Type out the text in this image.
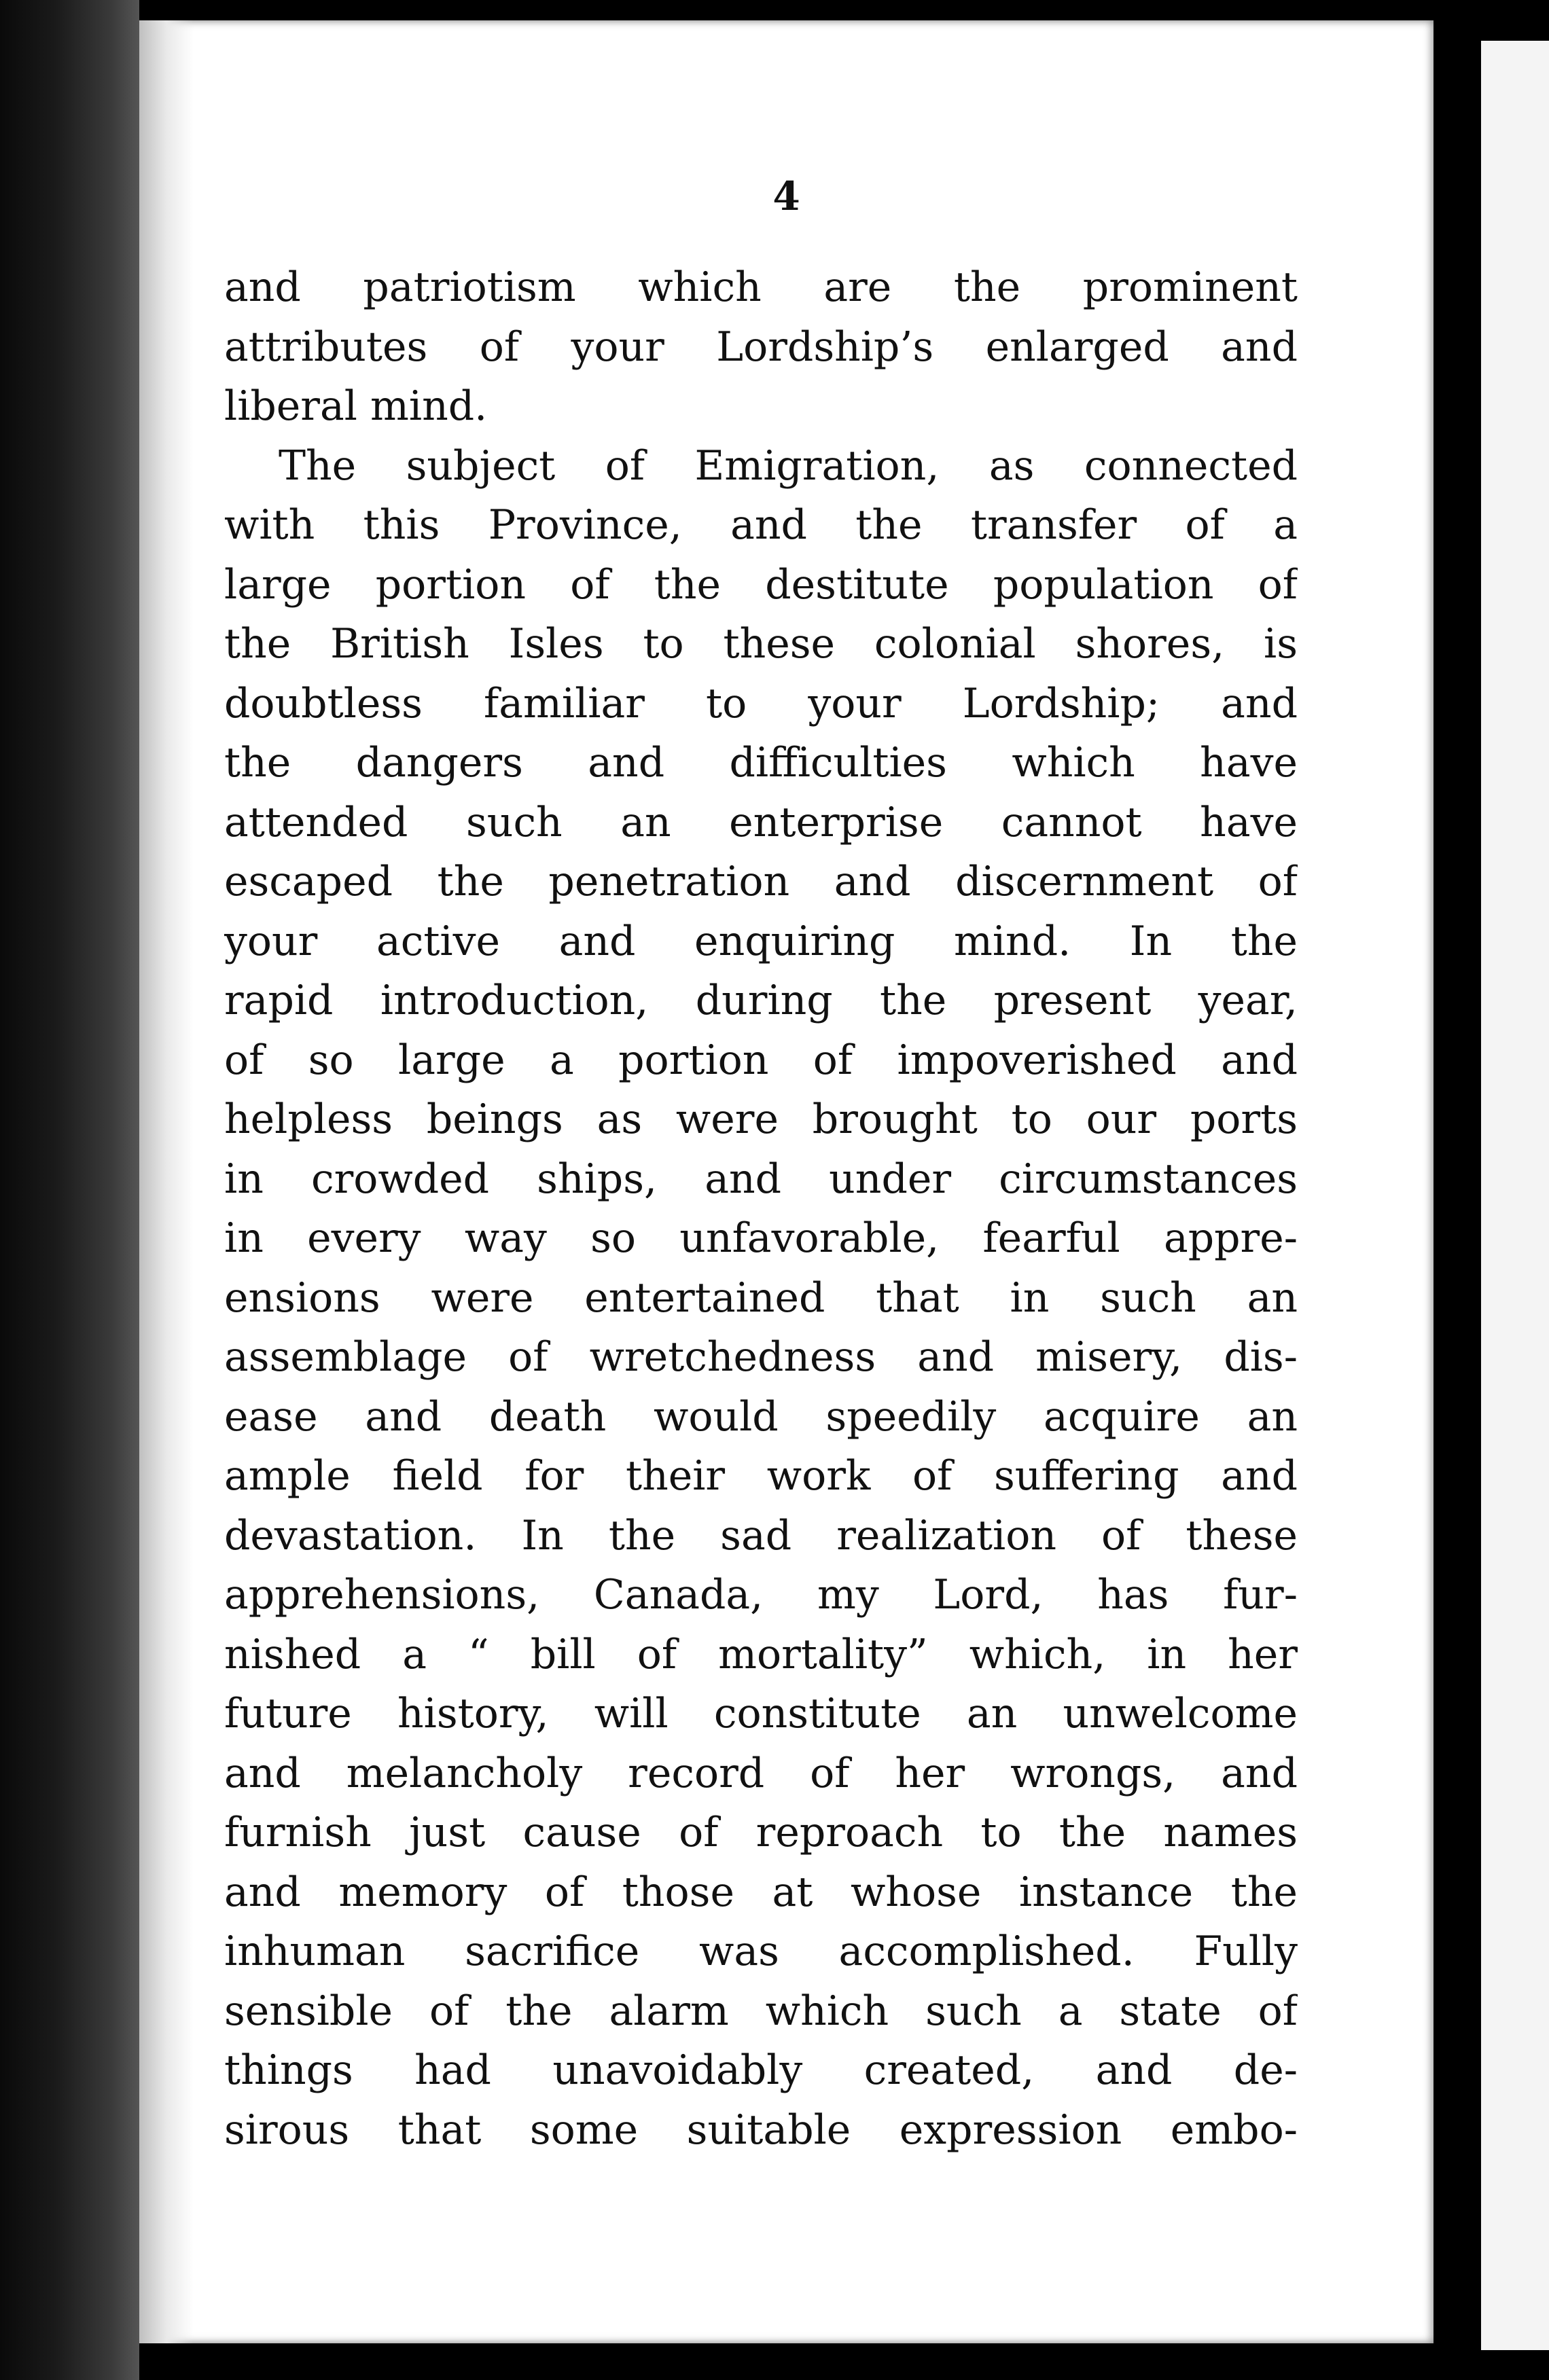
4
and patriotism which are the prominent
attributes of your Lordship’s enlarged and
liberal mind.
The subject of Emigration, as connected
with this Province, and the transfer of a
large portion of the destitute population of
the British Isles to these colonial shores, is
doubtless familiar to your Lordship; and
the dangers and difficulties which have
attended such an enterprise cannot have
escaped the penetration and discernment of
your active and enquiring mind. In the
rapid introduction, during the present year,
of so large a portion of impoverished and
helpless beings as were brought to our ports
in crowded ships, and under circumstances
in every way so unfavorable, fearful appre-
ensions were entertained that in such an
assemblage of wretchedness and misery, dis-
ease and death would speedily acquire an
ample field for their work of suffering and
devastation. In the sad realization of these
apprehensions, Canada, my Lord, has fur-
nished a “ bill of mortality” which, in her
future history, will constitute an unwelcome
and melancholy record of her wrongs, and
furnish just cause of reproach to the names
and memory of those at whose instance the
inhuman sacrifice was accomplished. Fully
sensible of the alarm which such a state of
things had unavoidably created, and de-
sirous that some suitable expression embo-
